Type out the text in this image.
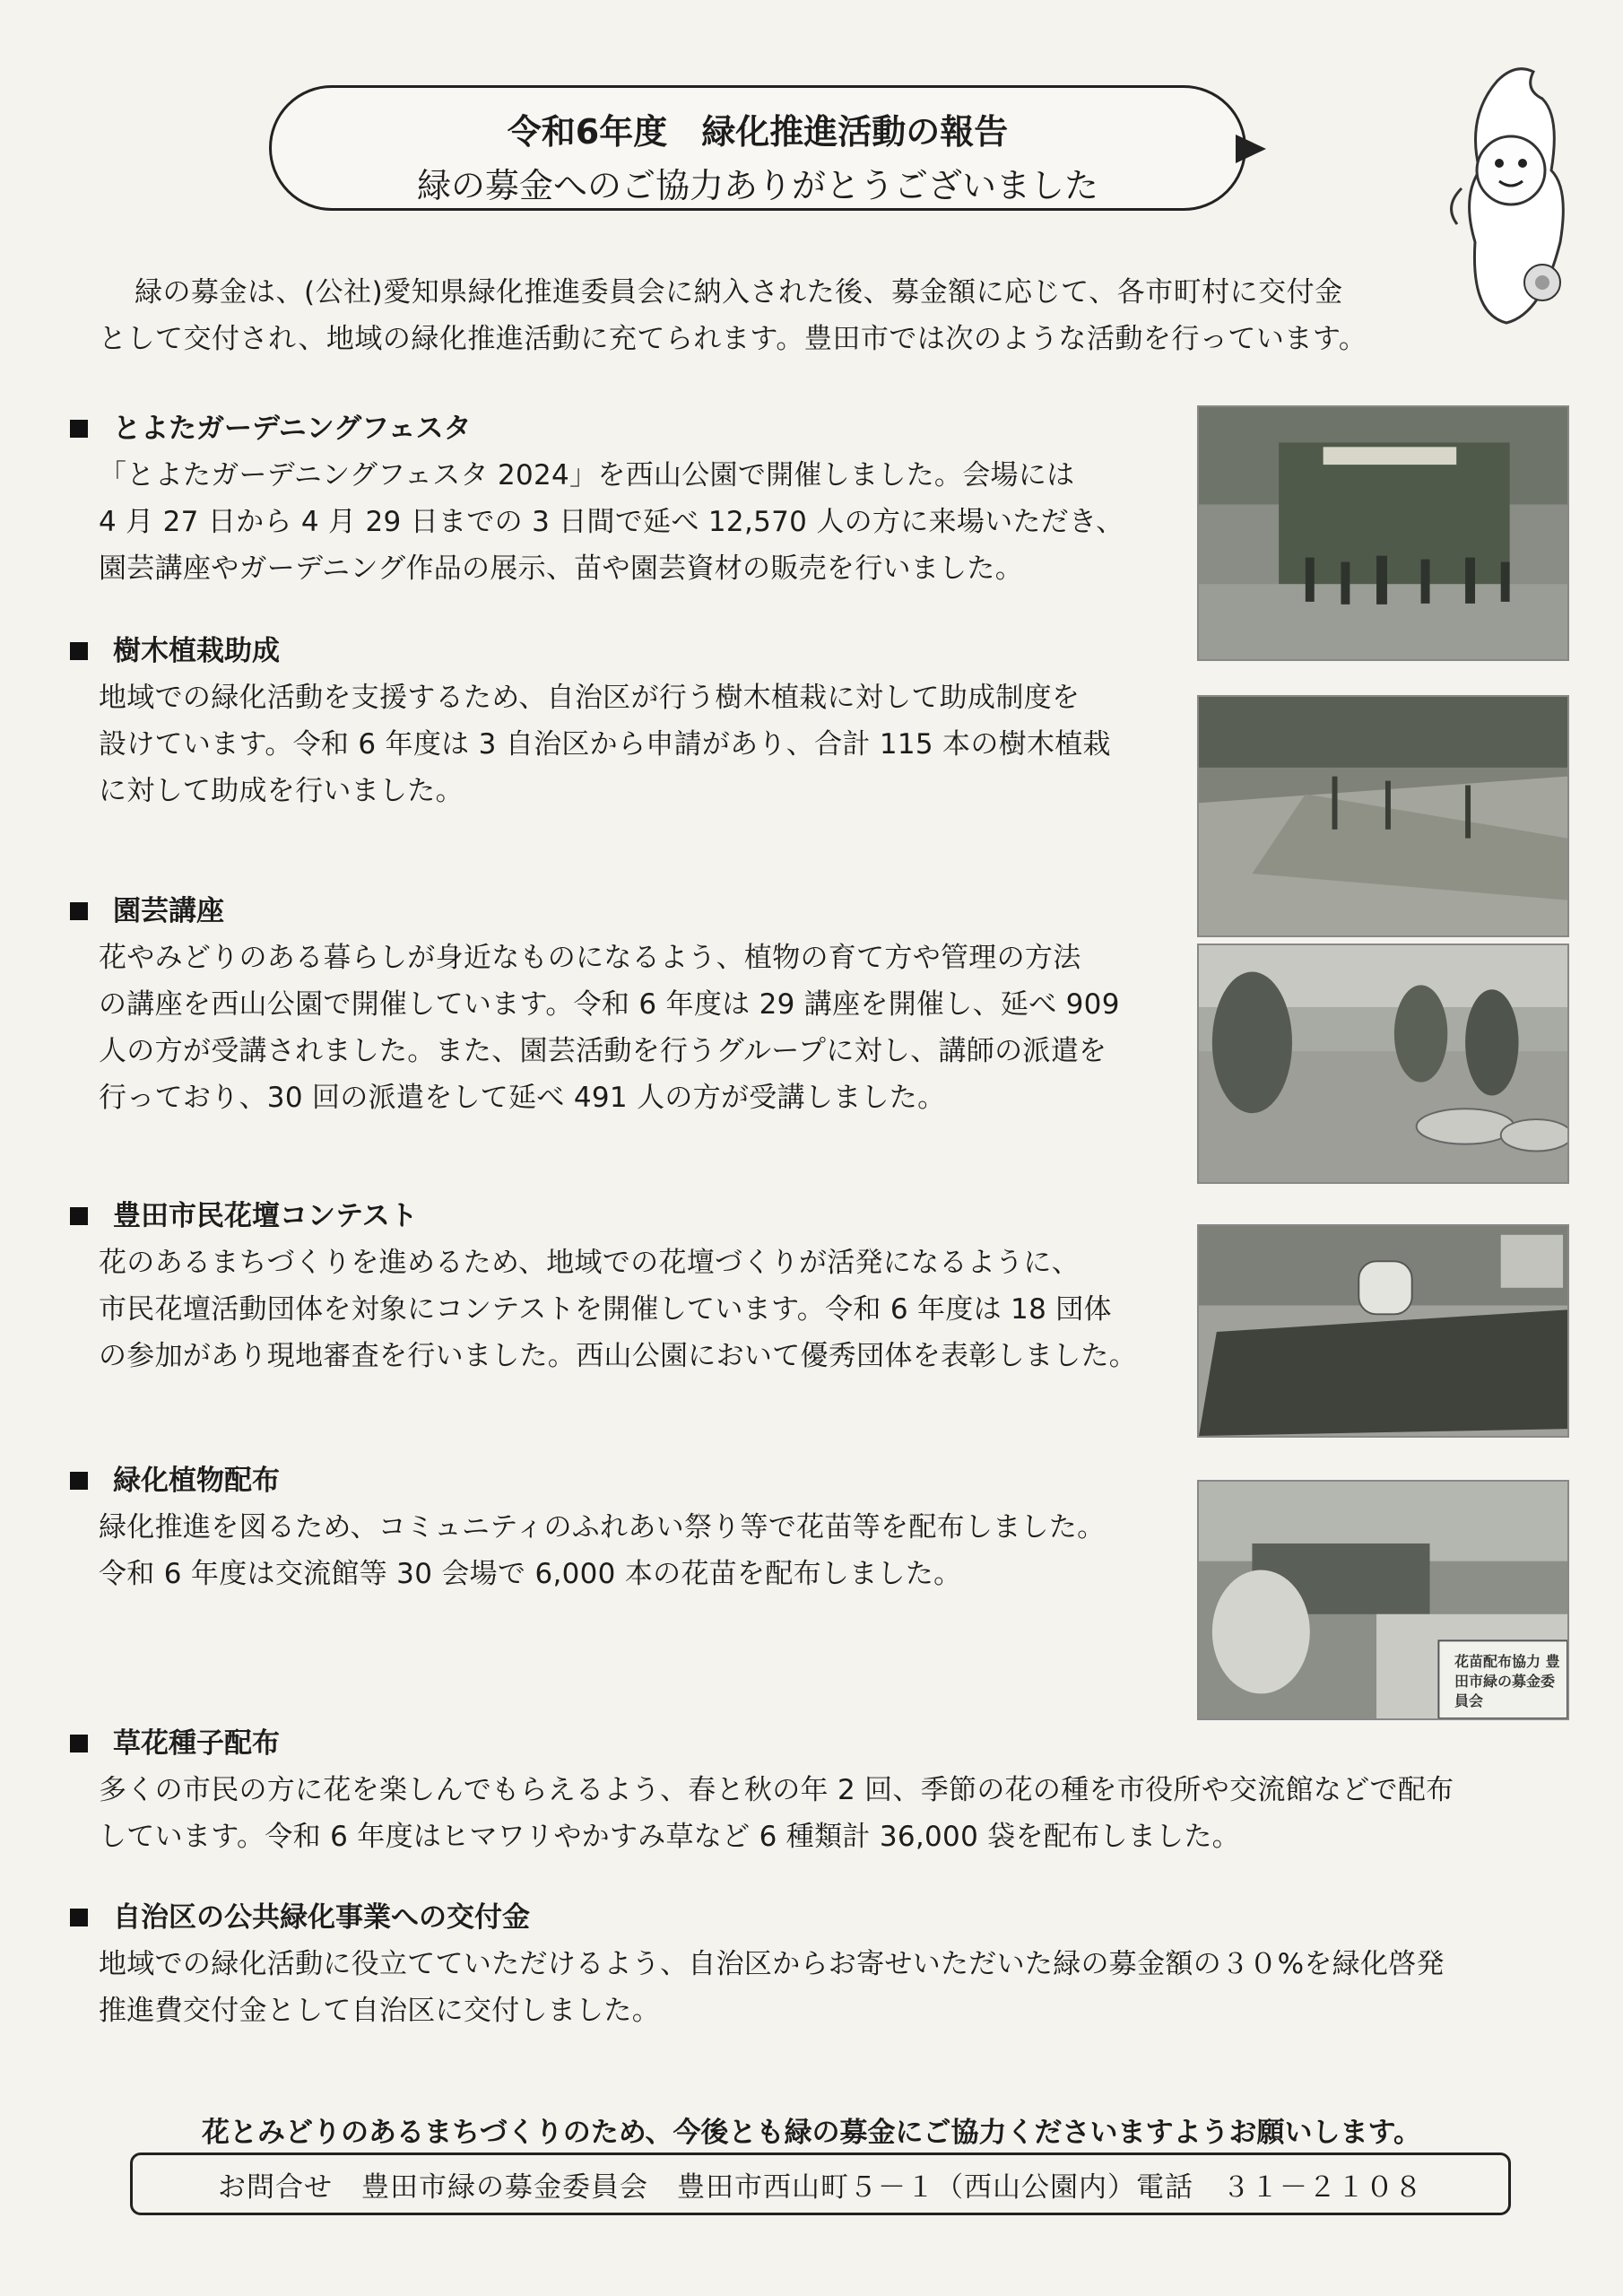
令和6年度　緑化推進活動の報告
緑の募金へのご協力ありがとうございました

緑の募金は、(公社)愛知県緑化推進委員会に納入された後、募金額に応じて、各市町村に交付金

として交付され、地域の緑化推進活動に充てられます。豊田市では次のような活動を行っています。

とよたガーデニングフェスタ
「とよたガーデニングフェスタ 2024」を西山公園で開催しました。会場には
4 月 27 日から 4 月 29 日までの 3 日間で延べ 12,570 人の方に来場いただき、
園芸講座やガーデニング作品の展示、苗や園芸資材の販売を行いました。
樹木植栽助成
地域での緑化活動を支援するため、自治区が行う樹木植栽に対して助成制度を
設けています。令和 6 年度は 3 自治区から申請があり、合計 115 本の樹木植栽
に対して助成を行いました。
園芸講座
花やみどりのある暮らしが身近なものになるよう、植物の育て方や管理の方法
の講座を西山公園で開催しています。令和 6 年度は 29 講座を開催し、延べ 909
人の方が受講されました。また、園芸活動を行うグループに対し、講師の派遣を
行っており、30 回の派遣をして延べ 491 人の方が受講しました。
豊田市民花壇コンテスト
花のあるまちづくりを進めるため、地域での花壇づくりが活発になるように、
市民花壇活動団体を対象にコンテストを開催しています。令和 6 年度は 18 団体
の参加があり現地審査を行いました。西山公園において優秀団体を表彰しました。
緑化植物配布
緑化推進を図るため、コミュニティのふれあい祭り等で花苗等を配布しました。
令和 6 年度は交流館等 30 会場で 6,000 本の花苗を配布しました。
草花種子配布
多くの市民の方に花を楽しんでもらえるよう、春と秋の年 2 回、季節の花の種を市役所や交流館などで配布
しています。令和 6 年度はヒマワリやかすみ草など 6 種類計 36,000 袋を配布しました。
自治区の公共緑化事業への交付金
地域での緑化活動に役立てていただけるよう、自治区からお寄せいただいた緑の募金額の３０%を緑化啓発
推進費交付金として自治区に交付しました。
花苗配布協力 豊田市緑の募金委員会
花とみどりのあるまちづくりのため、今後とも緑の募金にご協力くださいますようお願いします。
お問合せ　豊田市緑の募金委員会　豊田市西山町５－１（西山公園内）電話　３１－２１０８
